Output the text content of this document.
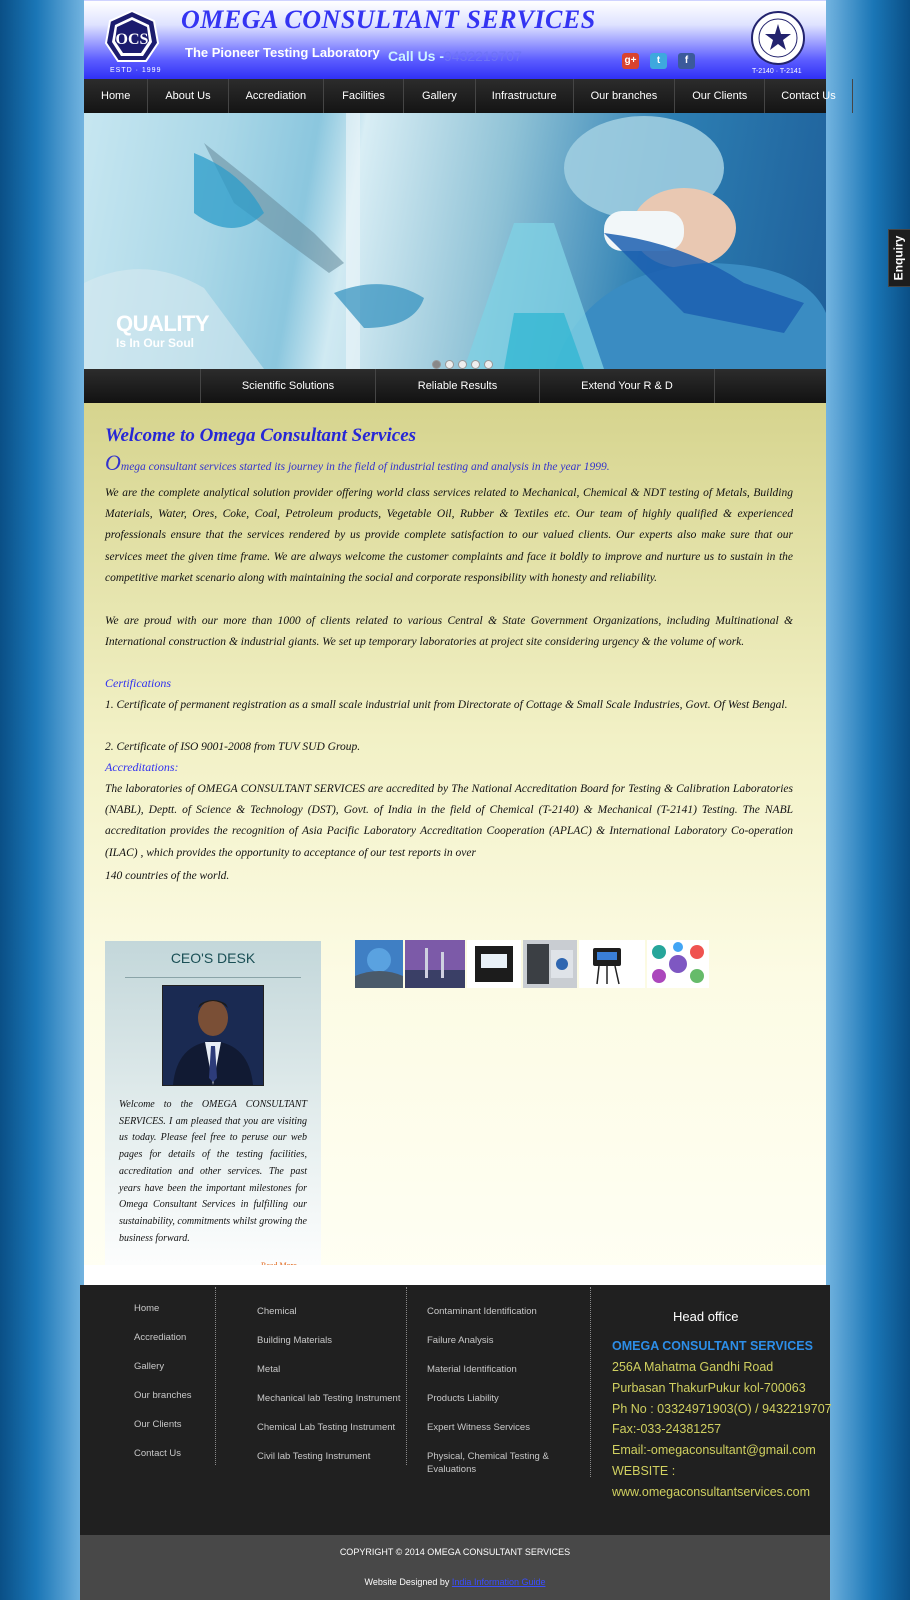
OCS
ESTD · 1999
OMEGA CONSULTANT SERVICES
The Pioneer Testing Laboratory Call Us - 9432219707	g+	t	f
T-2140 · T-2141
Home	About Us	Accrediation	Facilities	Gallery	Infrastructure	Our branches	Our Clients	Contact Us
QUALITY
Is In Our Soul
Scientific Solutions	Reliable Results	Extend Your R & D
Welcome to Omega Consultant Services
Omega consultant services started its journey in the field of industrial testing and analysis in the year 1999.

We are the complete analytical solution provider offering world class services related to Mechanical, Chemical & NDT testing of Metals, Building Materials, Water, Ores, Coke, Coal, Petroleum products, Vegetable Oil, Rubber & Textiles etc. Our team of highly qualified & experienced professionals ensure that the services rendered by us provide complete satisfaction to our valued clients. Our experts also make sure that our services meet the given time frame. We are always welcome the customer complaints and face it boldly to improve and nurture us to sustain in the competitive market scenario along with maintaining the social and corporate responsibility with honesty and reliability.

We are proud with our more than 1000 of clients related to various Central & State Government Organizations, including Multinational & International construction & industrial giants. We set up temporary laboratories at project site considering urgency & the volume of work.

Certifications

1. Certificate of permanent registration as a small scale industrial unit from Directorate of Cottage & Small Scale Industries, Govt. Of West Bengal.

2. Certificate of ISO 9001-2008 from TUV SUD Group.

Accreditations:

The laboratories of OMEGA CONSULTANT SERVICES are accredited by The National Accreditation Board for Testing & Calibration Laboratories (NABL), Deptt. of Science & Technology (DST), Govt. of India in the field of Chemical (T-2140) & Mechanical (T-2141) Testing. The NABL accreditation provides the recognition of Asia Pacific Laboratory Accreditation Cooperation (APLAC) & International Laboratory Co-operation (ILAC) , which provides the opportunity to acceptance of our test reports in over

140 countries of the world.

CEO'S DESK

Welcome to the OMEGA CONSULTANT SERVICES. I am pleased that you are visiting us today. Please feel free to peruse our web pages for details of the testing facilities, accreditation and other services. The past years have been the important milestones for Omega Consultant Services in fulfilling our sustainability, commitments whilst growing the business forward.

Home
Accrediation
Gallery
Our branches
Our Clients
Contact Us
Chemical
Building Materials
Metal
Mechanical lab Testing Instrument
Chemical Lab Testing Instrument
Civil lab Testing Instrument
Contaminant Identification
Failure Analysis
Material Identification
Products Liability
Expert Witness Services
Physical, Chemical Testing &
Evaluations
Head office
OMEGA CONSULTANT SERVICES
256A Mahatma Gandhi Road
Purbasan ThakurPukur kol-700063
Ph No : 03324971903(O) / 9432219707
Fax:-033-24381257
Email:-omegaconsultant@gmail.com
WEBSITE :
www.omegaconsultantservices.com
COPYRIGHT © 2014 OMEGA CONSULTANT SERVICES
Website Designed by India Information Guide
Enquiry
